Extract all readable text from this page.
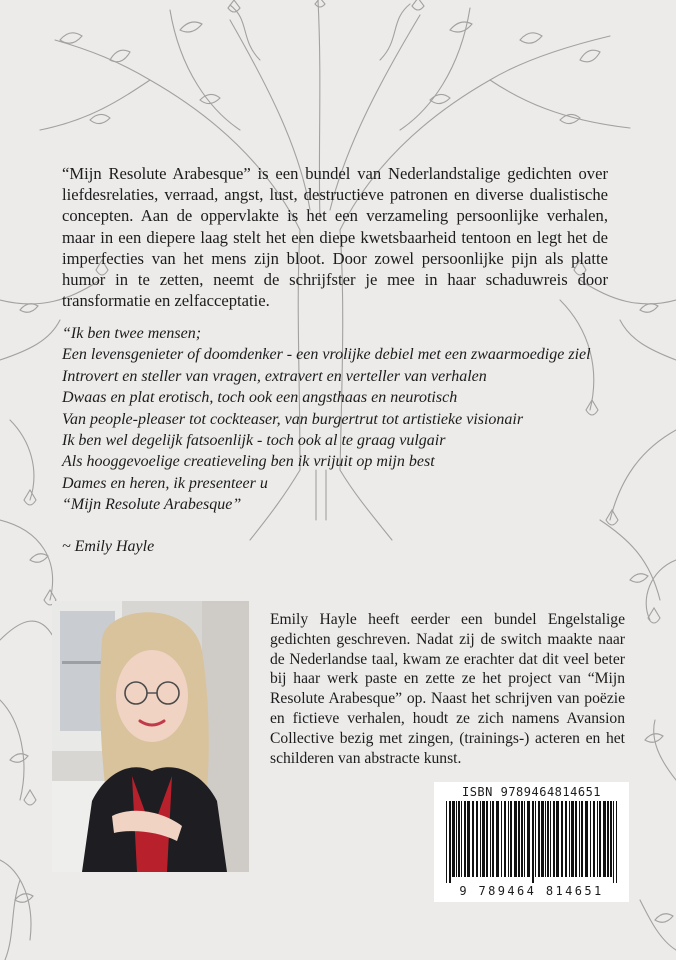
“Mijn Resolute Arabesque” is een bundel van Nederlandstalige gedichten over liefdesrelaties, verraad, angst, lust, destructieve patronen en diverse dualistische concepten. Aan de oppervlakte is het een verzameling persoonlijke verhalen, maar in een diepere laag stelt het een diepe kwetsbaarheid tentoon en legt het de imperfecties van het mens zijn bloot. Door zowel persoonlijke pijn als platte humor in te zetten, neemt de schrijfster je mee in haar schaduwreis door transformatie en zelfacceptatie.

“Ik ben twee mensen;
Een levensgenieter of doomdenker - een vrolijke debiel met een zwaarmoedige ziel
Introvert en steller van vragen, extravert en verteller van verhalen
Dwaas en plat erotisch, toch ook een angsthaas en neurotisch
Van people-pleaser tot cockteaser, van burgertrut tot artistieke visionair
Ik ben wel degelijk fatsoenlijk - toch ook al te graag vulgair
Als hooggevoelige creatieveling ben ik vrijuit op mijn best
Dames en heren, ik presenteer u
“Mijn Resolute Arabesque”

~ Emily Hayle

Emily Hayle heeft eerder een bundel Engelstalige gedichten geschreven. Nadat zij de switch maakte naar de Nederlandse taal, kwam ze erachter dat dit veel beter bij haar werk paste en zette ze het project van “Mijn Resolute Arabesque” op. Naast het schrijven van poëzie en fictieve verhalen, houdt ze zich namens Avansion Collective bezig met zingen, (trainings-) acteren en het schilderen van abstracte kunst.

ISBN 9789464814651
9 789464 814651
